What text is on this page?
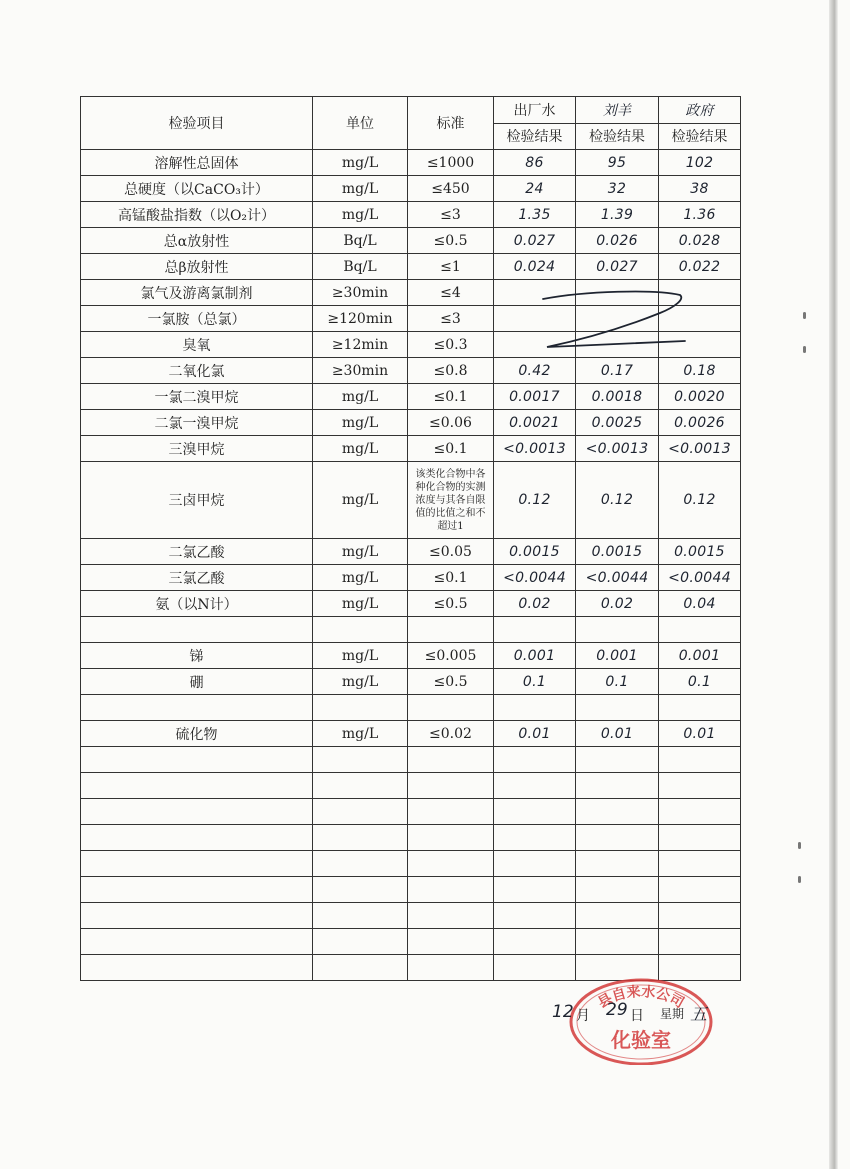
检验项目	单位	标准	出厂水	刘羊	政府
			检验结果	检验结果	检验结果
溶解性总固体	mg/L	≤1000	86	95	102
总硬度（以CaCO₃计）	mg/L	≤450	24	32	38
高锰酸盐指数（以O₂计）	mg/L	≤3	1.35	1.39	1.36
总α放射性	Bq/L	≤0.5	0.027	0.026	0.028
总β放射性	Bq/L	≤1	0.024	0.027	0.022
氯气及游离氯制剂	≥30min	≤4			
一氯胺（总氯）	≥120min	≤3			
臭氧	≥12min	≤0.3			
二氧化氯	≥30min	≤0.8	0.42	0.17	0.18
一氯二溴甲烷	mg/L	≤0.1	0.0017	0.0018	0.0020
二氯一溴甲烷	mg/L	≤0.06	0.0021	0.0025	0.0026
三溴甲烷	mg/L	≤0.1	<0.0013	<0.0013	<0.0013
三卤甲烷	mg/L	该类化合物中各种化合物的实测浓度与其各自限值的比值之和不超过1	0.12	0.12	0.12
二氯乙酸	mg/L	≤0.05	0.0015	0.0015	0.0015
三氯乙酸	mg/L	≤0.1	<0.0044	<0.0044	<0.0044
氨（以N计）	mg/L	≤0.5	0.02	0.02	0.04

锑	mg/L	≤0.005	0.001	0.001	0.001
硼	mg/L	≤0.5	0.1	0.1	0.1

硫化物	mg/L	≤0.02	0.01	0.01	0.01

县自来水公司
化验室
12 月 29 日 星期 五
